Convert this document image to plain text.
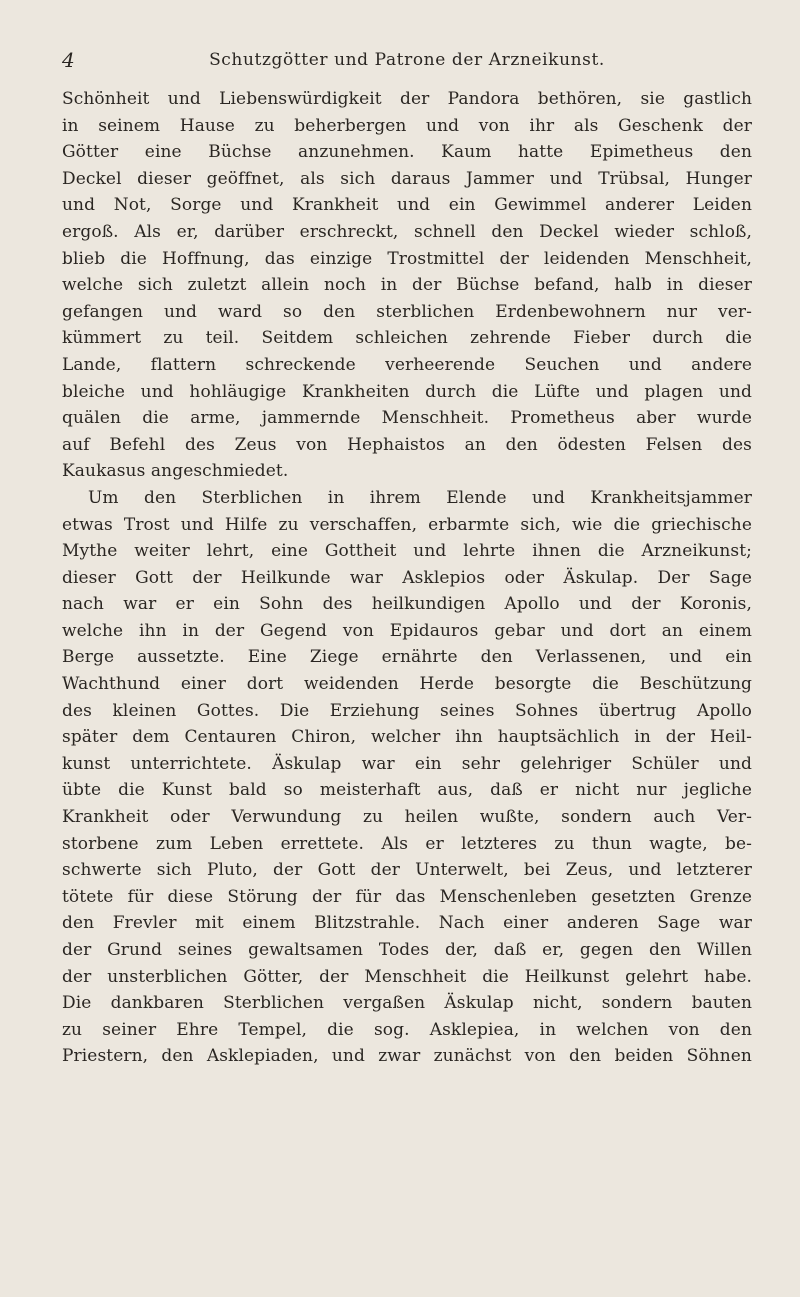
4	Schutzgötter und Patrone der Arzneikunst.
Schönheit und Liebenswürdigkeit der Pandora bethören, sie gastlich
in seinem Hause zu beherbergen und von ihr als Geschenk der
Götter eine Büchse anzunehmen. Kaum hatte Epimetheus den
Deckel dieser geöffnet, als sich daraus Jammer und Trübsal, Hunger
und Not, Sorge und Krankheit und ein Gewimmel anderer Leiden
ergoß. Als er, darüber erschreckt, schnell den Deckel wieder schloß,
blieb die Hoffnung, das einzige Trostmittel der leidenden Menschheit,
welche sich zuletzt allein noch in der Büchse befand, halb in dieser
gefangen und ward so den sterblichen Erdenbewohnern nur ver-
kümmert zu teil. Seitdem schleichen zehrende Fieber durch die
Lande, flattern schreckende verheerende Seuchen und andere
bleiche und hohläugige Krankheiten durch die Lüfte und plagen und
quälen die arme, jammernde Menschheit. Prometheus aber wurde
auf Befehl des Zeus von Hephaistos an den ödesten Felsen des
Kaukasus angeschmiedet.
Um den Sterblichen in ihrem Elende und Krankheitsjammer
etwas Trost und Hilfe zu verschaffen, erbarmte sich, wie die griechische
Mythe weiter lehrt, eine Gottheit und lehrte ihnen die Arzneikunst;
dieser Gott der Heilkunde war Asklepios oder Äskulap. Der Sage
nach war er ein Sohn des heilkundigen Apollo und der Koronis,
welche ihn in der Gegend von Epidauros gebar und dort an einem
Berge aussetzte. Eine Ziege ernährte den Verlassenen, und ein
Wachthund einer dort weidenden Herde besorgte die Beschützung
des kleinen Gottes. Die Erziehung seines Sohnes übertrug Apollo
später dem Centauren Chiron, welcher ihn hauptsächlich in der Heil-
kunst unterrichtete. Äskulap war ein sehr gelehriger Schüler und
übte die Kunst bald so meisterhaft aus, daß er nicht nur jegliche
Krankheit oder Verwundung zu heilen wußte, sondern auch Ver-
storbene zum Leben errettete. Als er letzteres zu thun wagte, be-
schwerte sich Pluto, der Gott der Unterwelt, bei Zeus, und letzterer
tötete für diese Störung der für das Menschenleben gesetzten Grenze
den Frevler mit einem Blitzstrahle. Nach einer anderen Sage war
der Grund seines gewaltsamen Todes der, daß er, gegen den Willen
der unsterblichen Götter, der Menschheit die Heilkunst gelehrt habe.
Die dankbaren Sterblichen vergaßen Äskulap nicht, sondern bauten
zu seiner Ehre Tempel, die sog. Asklepiea, in welchen von den
Priestern, den Asklepiaden, und zwar zunächst von den beiden Söhnen
